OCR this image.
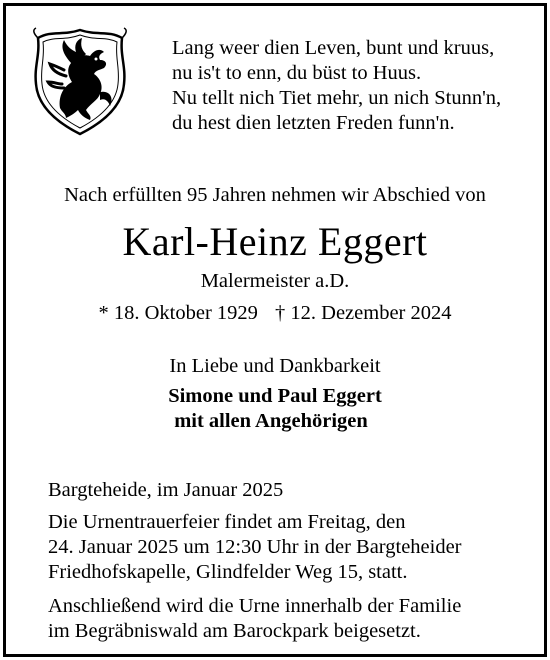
Lang weer dien Leven, bunt und kruus,
nu is't to enn, du büst to Huus.
Nu tellt nich Tiet mehr, un nich Stunn'n,
du hest dien letzten Freden funn'n.
Nach erfüllten 95 Jahren nehmen wir Abschied von
Karl-Heinz Eggert
Malermeister a.D.
* 18. Oktober 1929 † 12. Dezember 2024
In Liebe und Dankbarkeit
Simone und Paul Eggert
mit allen Angehörigen
Bargteheide, im Januar 2025
Die Urnentrauerfeier findet am Freitag, den
24. Januar 2025 um 12:30 Uhr in der Bargteheider
Friedhofskapelle, Glindfelder Weg 15, statt.
Anschließend wird die Urne innerhalb der Familie
im Begräbniswald am Barockpark beigesetzt.
